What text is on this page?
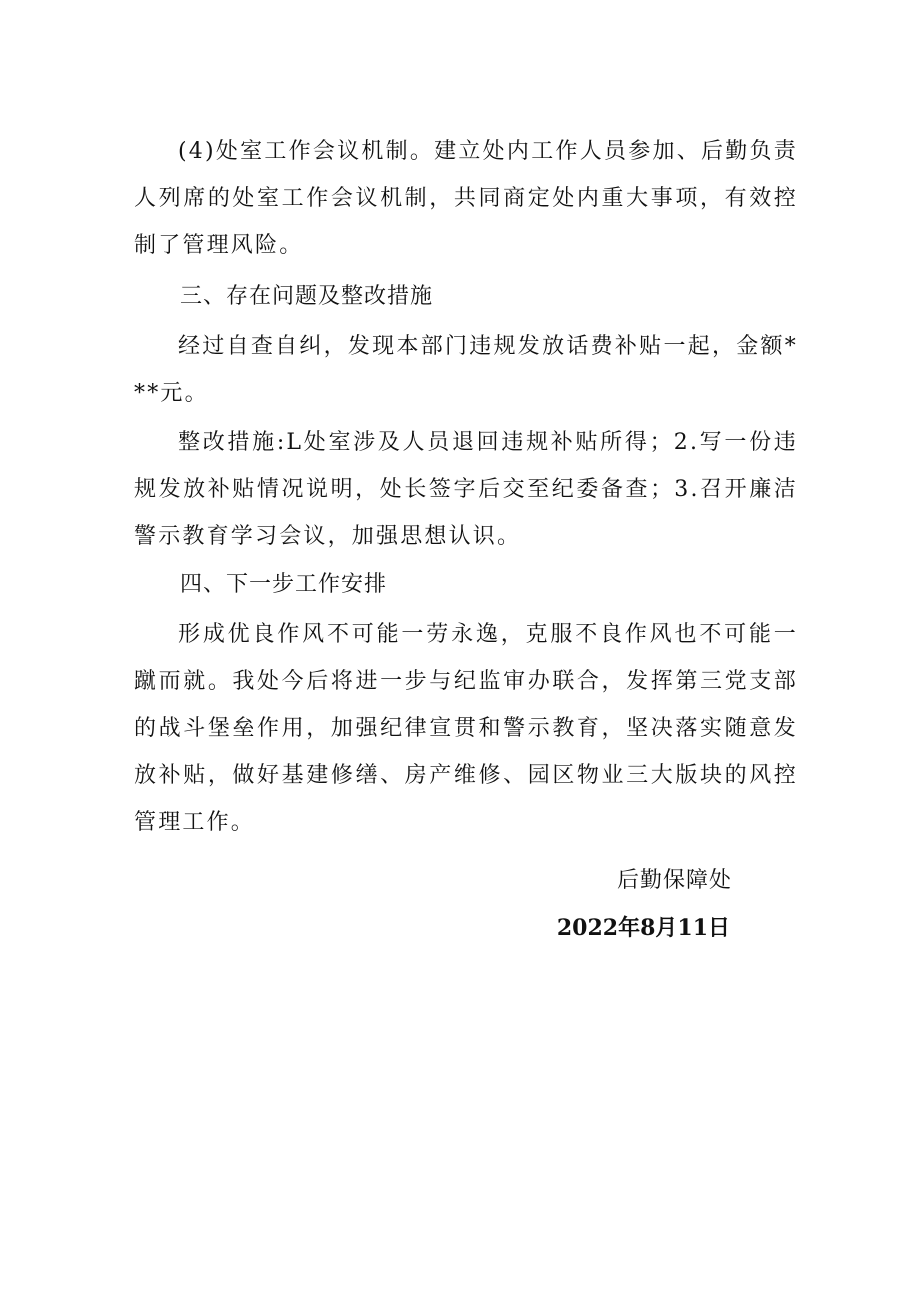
(4)处室工作会议机制。建立处内工作人员参加、后勤负责人列席的处室工作会议机制，共同商定处内重大事项，有效控制了管理风险。

三、存在问题及整改措施

经过自查自纠，发现本部门违规发放话费补贴一起，金额***元。

整改措施:L处室涉及人员退回违规补贴所得；2.写一份违规发放补贴情况说明，处长签字后交至纪委备查；3.召开廉洁警示教育学习会议，加强思想认识。

四、下一步工作安排

形成优良作风不可能一劳永逸，克服不良作风也不可能一蹴而就。我处今后将进一步与纪监审办联合，发挥第三党支部的战斗堡垒作用，加强纪律宣贯和警示教育，坚决落实随意发放补贴，做好基建修缮、房产维修、园区物业三大版块的风控管理工作。

后勤保障处
2022年8月11日
